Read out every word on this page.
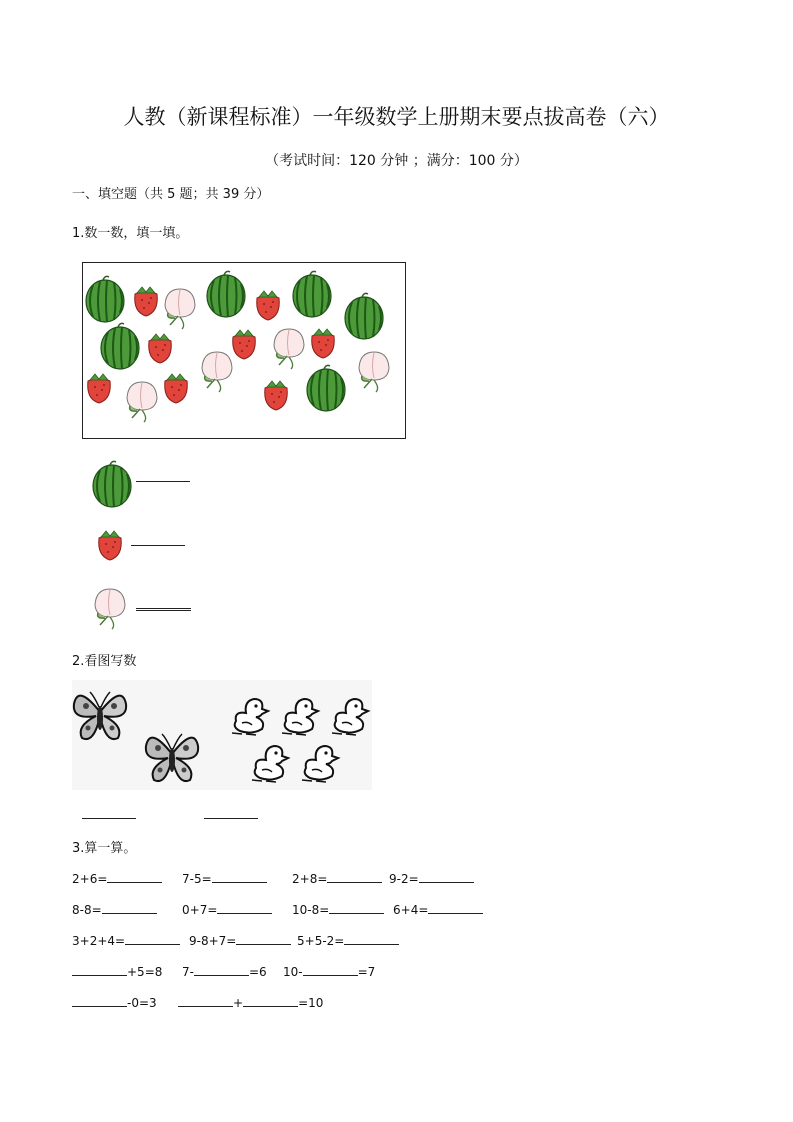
人教（新课程标准）一年级数学上册期末要点拔高卷（六）
（考试时间：120 分钟 ；满分：100 分）
一、填空题（共 5 题；共 39 分）
1.数一数，填一填。
2.看图写数
3.算一算。
2+6=	7-5=	2+8=	9-2=
8-8=	0+7=	10-8=	6+4=
3+2+4=	9-8+7=	5+5-2=
+5=8 7-	=6 10-	=7
-0=3	+	=10
